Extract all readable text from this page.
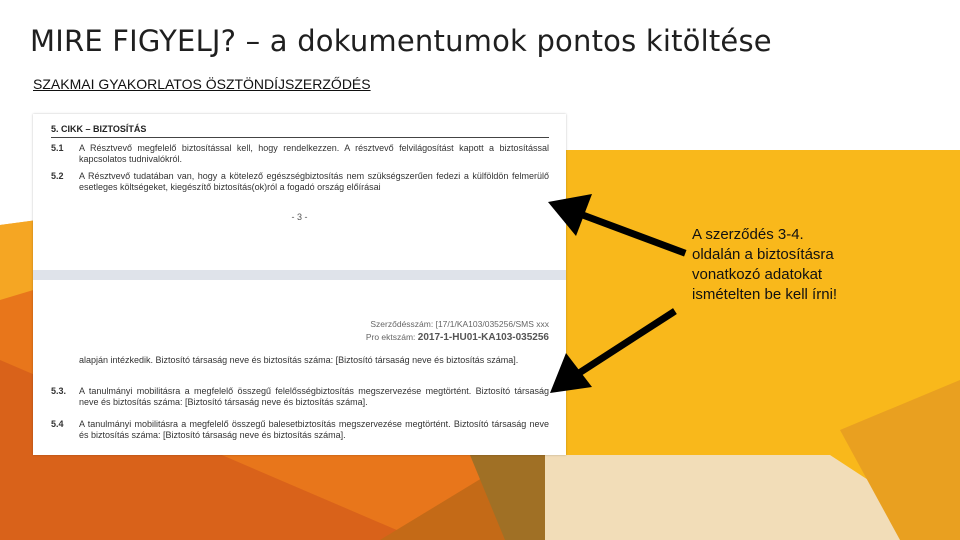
MIRE FIGYELJ? – a dokumentumok pontos kitöltése
SZAKMAI GYAKORLATOS ÖSZTÖNDÍJSZERZŐDÉS
5. CIKK – BIZTOSÍTÁS
5.1	A Résztvevő megfelelő biztosítással kell, hogy rendelkezzen. A résztvevő felvilágosítást kapott a biztosítással kapcsolatos tudnivalókról.
5.2	A Résztvevő tudatában van, hogy a kötelező egészségbiztosítás nem szükségszerűen fedezi a külföldön felmerülő esetleges költségeket, kiegészítő biztosítás(ok)ról a fogadó ország előírásai
- 3 -
Szerződésszám: [17/1/KA103/035256/SMS xxx
Pro ektszám: 2017-1-HU01-KA103-035256
alapján intézkedik. Biztosító társaság neve és biztosítás száma: [Biztosító társaság neve és biztosítás száma].
5.3.	A tanulmányi mobilitásra a megfelelő összegű felelősségbiztosítás megszervezése megtörtént. Biztosító társaság neve és biztosítás száma: [Biztosító társaság neve és biztosítás száma].
5.4	A tanulmányi mobilitásra a megfelelő összegű balesetbiztosítás megszervezése megtörtént. Biztosító társaság neve és biztosítás száma: [Biztosító társaság neve és biztosítás száma].
A szerződés 3-4. oldalán a biztosításra vonatkozó adatokat ismételten be kell írni!
